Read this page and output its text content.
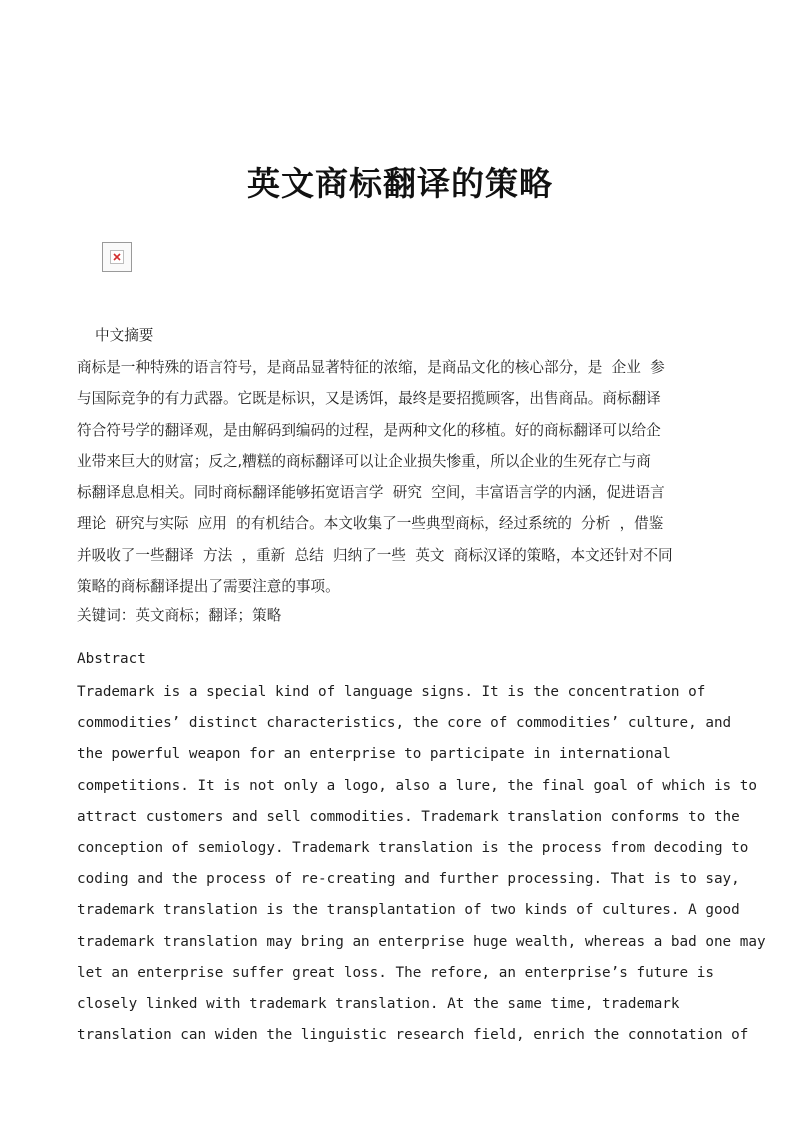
英文商标翻译的策略
中文摘要
商标是一种特殊的语言符号，是商品显著特征的浓缩，是商品文化的核心部分，是  企业  参
与国际竞争的有力武器。它既是标识，又是诱饵，最终是要招揽顾客，出售商品。商标翻译
符合符号学的翻译观，是由解码到编码的过程，是两种文化的移植。好的商标翻译可以给企
业带来巨大的财富；反之,糟糕的商标翻译可以让企业损失惨重，所以企业的生死存亡与商
标翻译息息相关。同时商标翻译能够拓宽语言学  研究  空间，丰富语言学的内涵，促进语言
理论  研究与实际  应用  的有机结合。本文收集了一些典型商标，经过系统的  分析  ，借鉴
并吸收了一些翻译  方法  ，重新  总结  归纳了一些  英文  商标汉译的策略，本文还针对不同
策略的商标翻译提出了需要注意的事项。
关键词：英文商标；翻译；策略
Abstract
Trademark is a special kind of language signs. It is the concentration of
commodities’ distinct characteristics, the core of commodities’ culture, and
the powerful weapon for an enterprise to participate in international
competitions. It is not only a logo, also a lure, the final goal of which is to
attract customers and sell commodities. Trademark translation conforms to the
conception of semiology. Trademark translation is the process from decoding to
coding and the process of re-creating and further processing. That is to say,
trademark translation is the transplantation of two kinds of cultures. A good
trademark translation may bring an enterprise huge wealth, whereas a bad one may
let an enterprise suffer great loss. The refore, an enterprise’s future is
closely linked with trademark translation. At the same time, trademark
translation can widen the linguistic research field, enrich the connotation of
